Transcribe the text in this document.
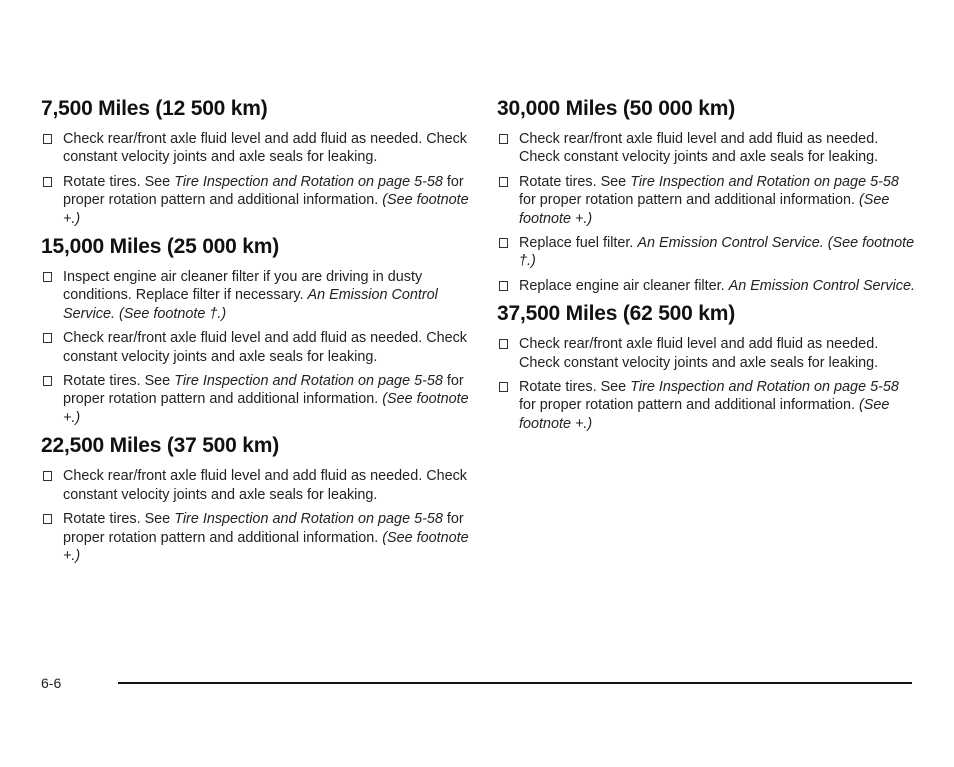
7,500 Miles (12 500 km)
Check rear/front axle fluid level and add fluid as needed. Check constant velocity joints and axle seals for leaking.
Rotate tires. See Tire Inspection and Rotation on page 5-58 for proper rotation pattern and additional information. (See footnote +.)
15,000 Miles (25 000 km)
Inspect engine air cleaner filter if you are driving in dusty conditions. Replace filter if necessary. An Emission Control Service. (See footnote †.)
Check rear/front axle fluid level and add fluid as needed. Check constant velocity joints and axle seals for leaking.
Rotate tires. See Tire Inspection and Rotation on page 5-58 for proper rotation pattern and additional information. (See footnote +.)
22,500 Miles (37 500 km)
Check rear/front axle fluid level and add fluid as needed. Check constant velocity joints and axle seals for leaking.
Rotate tires. See Tire Inspection and Rotation on page 5-58 for proper rotation pattern and additional information. (See footnote +.)
30,000 Miles (50 000 km)
Check rear/front axle fluid level and add fluid as needed. Check constant velocity joints and axle seals for leaking.
Rotate tires. See Tire Inspection and Rotation on page 5-58 for proper rotation pattern and additional information. (See footnote +.)
Replace fuel filter. An Emission Control Service. (See footnote †.)
Replace engine air cleaner filter. An Emission Control Service.
37,500 Miles (62 500 km)
Check rear/front axle fluid level and add fluid as needed. Check constant velocity joints and axle seals for leaking.
Rotate tires. See Tire Inspection and Rotation on page 5-58 for proper rotation pattern and additional information. (See footnote +.)
6-6
